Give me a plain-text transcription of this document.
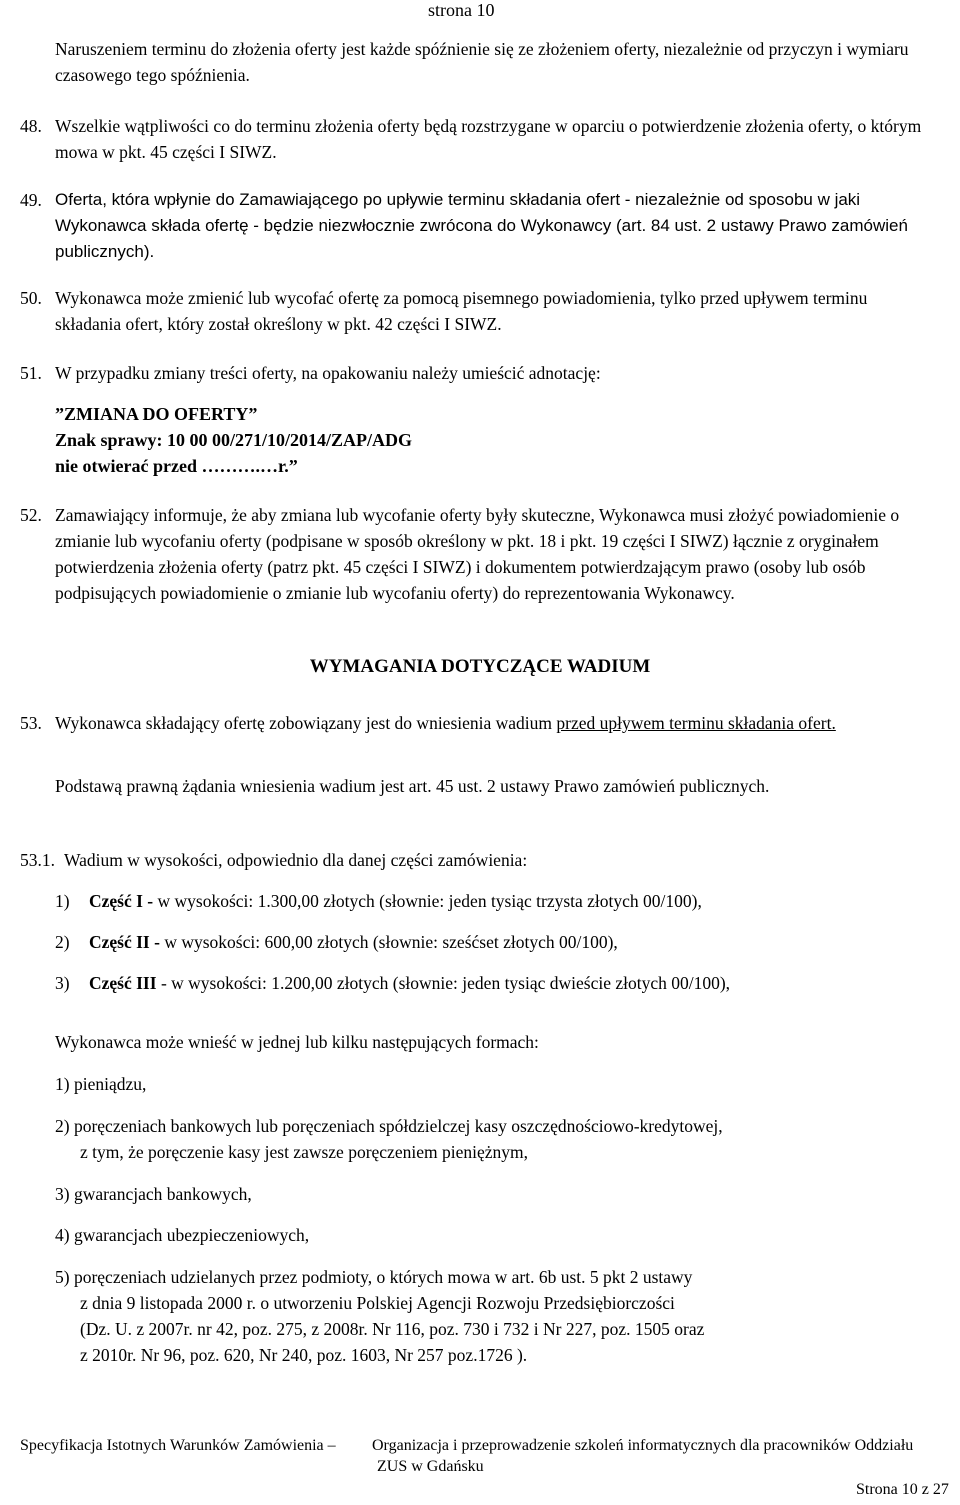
strona 10
Naruszeniem terminu do złożenia oferty jest każde spóźnienie się ze złożeniem oferty, niezależnie od przyczyn i wymiaru czasowego tego spóźnienia.
48. Wszelkie wątpliwości co do terminu złożenia oferty będą rozstrzygane w oparciu o potwierdzenie złożenia oferty, o którym mowa w pkt. 45 części I SIWZ.
49. Oferta, która wpłynie do Zamawiającego po upływie terminu składania ofert - niezależnie od sposobu w jaki Wykonawca składa ofertę - będzie niezwłocznie zwrócona do Wykonawcy (art. 84 ust. 2 ustawy Prawo zamówień publicznych).
50. Wykonawca może zmienić lub wycofać ofertę za pomocą pisemnego powiadomienia, tylko przed upływem terminu składania ofert, który został określony w pkt. 42 części I SIWZ.
51. W przypadku zmiany treści oferty, na opakowaniu należy umieścić adnotację:
”ZMIANA DO OFERTY”
Znak sprawy: 10 00 00/271/10/2014/ZAP/ADG
nie otwierać przed ……….…r.”
52. Zamawiający informuje, że aby zmiana lub wycofanie oferty były skuteczne, Wykonawca musi złożyć powiadomienie o zmianie lub wycofaniu oferty (podpisane w sposób określony w pkt. 18 i pkt. 19 części I SIWZ) łącznie z oryginałem potwierdzenia złożenia oferty (patrz pkt. 45 części I SIWZ) i dokumentem potwierdzającym prawo (osoby lub osób podpisujących powiadomienie o zmianie lub wycofaniu oferty) do reprezentowania Wykonawcy.
WYMAGANIA DOTYCZĄCE WADIUM
53. Wykonawca składający ofertę zobowiązany jest do wniesienia wadium przed upływem terminu składania ofert.
Podstawą prawną żądania wniesienia wadium jest art. 45 ust. 2 ustawy Prawo zamówień publicznych.
53.1. Wadium w wysokości, odpowiednio dla danej części zamówienia:
1) Część I - w wysokości: 1.300,00 złotych (słownie: jeden tysiąc trzysta złotych 00/100),
2) Część II - w wysokości: 600,00 złotych (słownie: sześćset złotych 00/100),
3) Część III - w wysokości: 1.200,00 złotych (słownie: jeden tysiąc dwieście złotych 00/100),
Wykonawca może wnieść w jednej lub kilku następujących formach:
1) pieniądzu,
2) poręczeniach bankowych lub poręczeniach spółdzielczej kasy oszczędnościowo-kredytowej,
z tym, że poręczenie kasy jest zawsze poręczeniem pieniężnym,
3) gwarancjach bankowych,
4) gwarancjach ubezpieczeniowych,
5) poręczeniach udzielanych przez podmioty, o których mowa w art. 6b ust. 5 pkt 2 ustawy
z dnia 9 listopada 2000 r. o utworzeniu Polskiej Agencji Rozwoju Przedsiębiorczości
(Dz. U. z 2007r. nr 42, poz. 275, z 2008r. Nr 116, poz. 730 i 732 i Nr 227, poz. 1505 oraz
z 2010r. Nr 96, poz. 620, Nr 240, poz. 1603, Nr 257 poz.1726 ).
Specyfikacja Istotnych Warunków Zamówienia – Organizacja i przeprowadzenie szkoleń informatycznych dla pracowników Oddziału
ZUS w Gdańsku
Strona 10 z 27
